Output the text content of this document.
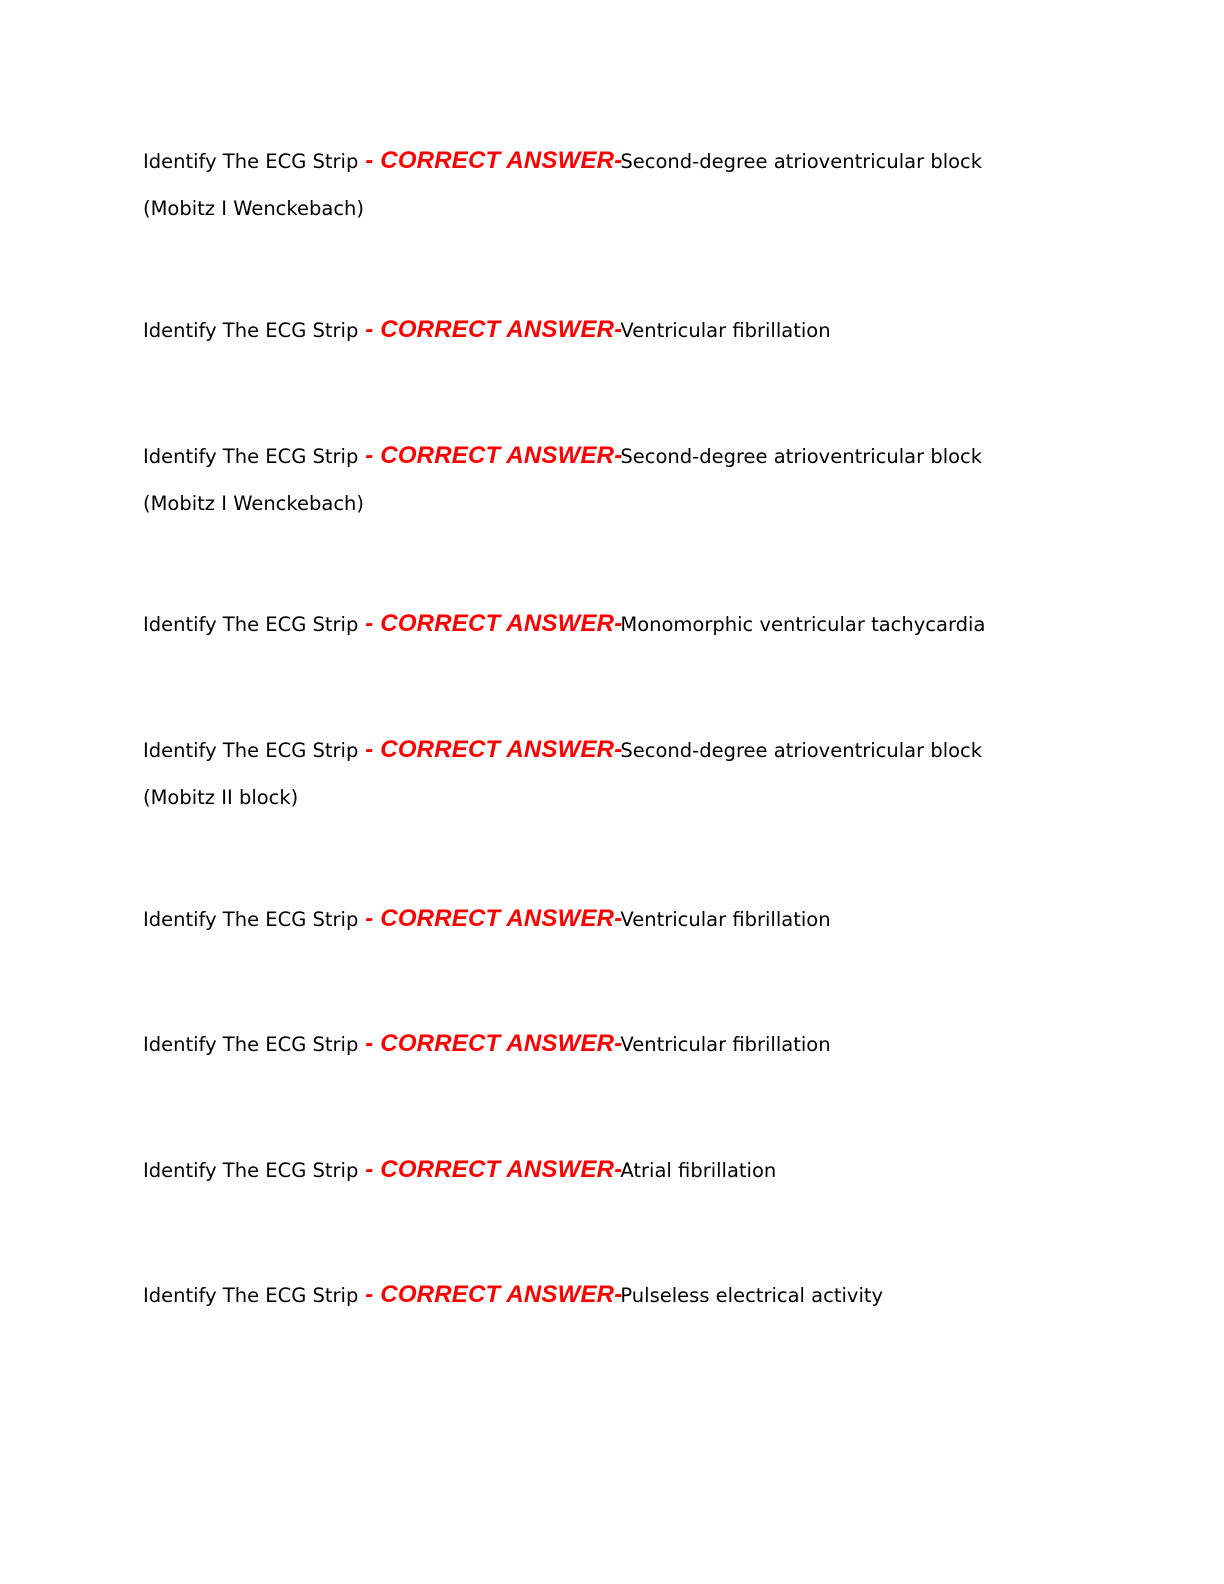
Identify The ECG Strip - CORRECT ANSWER-Second-degree atrioventricular block (Mobitz I Wenckebach)

Identify The ECG Strip - CORRECT ANSWER-Ventricular fibrillation

Identify The ECG Strip - CORRECT ANSWER-Second-degree atrioventricular block (Mobitz I Wenckebach)

Identify The ECG Strip - CORRECT ANSWER-Monomorphic ventricular tachycardia

Identify The ECG Strip - CORRECT ANSWER-Second-degree atrioventricular block (Mobitz II block)

Identify The ECG Strip - CORRECT ANSWER-Ventricular fibrillation

Identify The ECG Strip - CORRECT ANSWER-Ventricular fibrillation

Identify The ECG Strip - CORRECT ANSWER-Atrial fibrillation

Identify The ECG Strip - CORRECT ANSWER-Pulseless electrical activity
